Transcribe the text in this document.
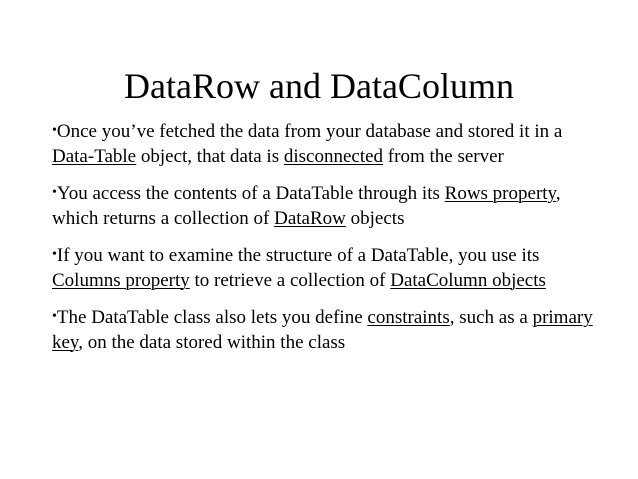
DataRow and DataColumn

•Once you’ve fetched the data from your database and stored it in a Data-Table object, that data is disconnected from the server

•You access the contents of a DataTable through its Rows property, which returns a collection of DataRow objects

•If you want to examine the structure of a DataTable, you use its Columns property to retrieve a collection of DataColumn objects

•The DataTable class also lets you define constraints, such as a primary key, on the data stored within the class
